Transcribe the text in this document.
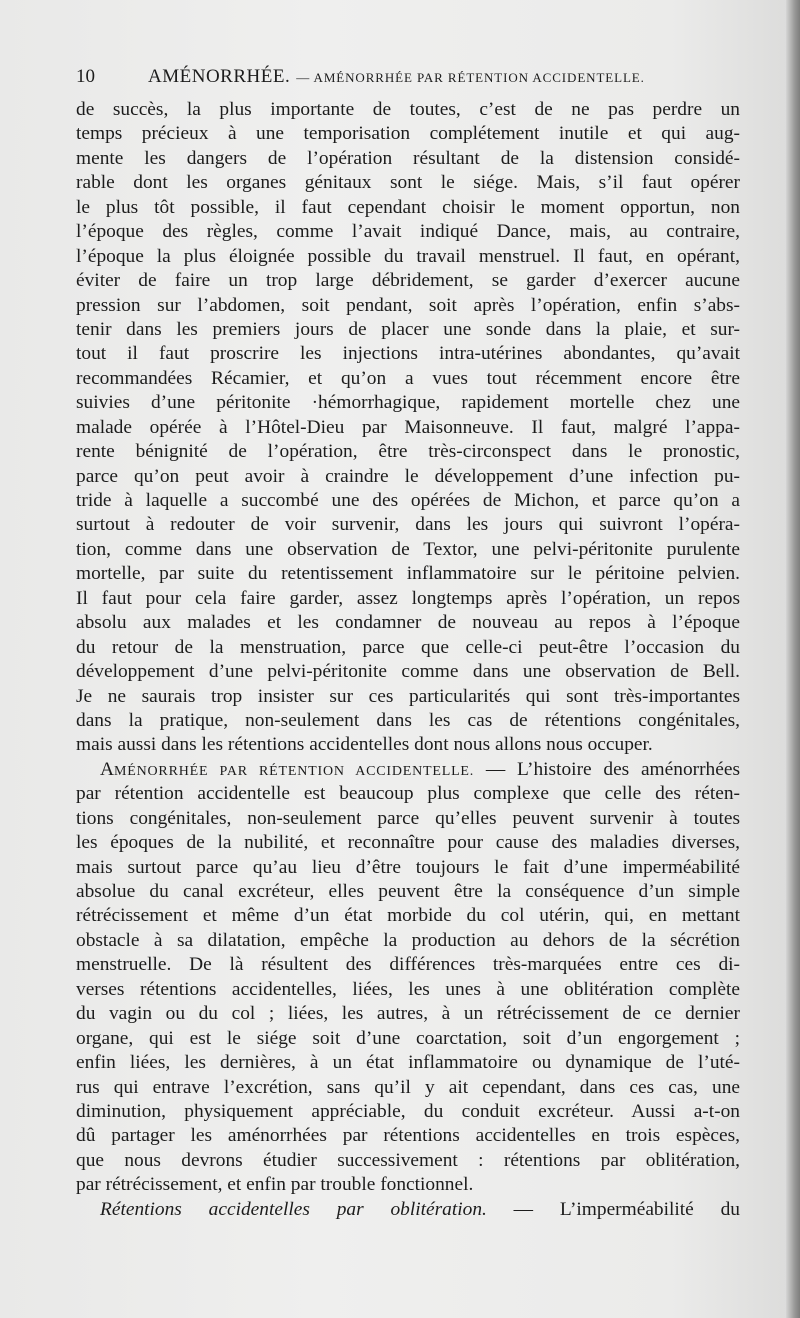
10	AMÉNORRHÉE. — AMÉNORRHÉE PAR RÉTENTION ACCIDENTELLE.
de succès, la plus importante de toutes, c’est de ne pas perdre un
temps précieux à une temporisation complétement inutile et qui aug-
mente les dangers de l’opération résultant de la distension considé-
rable dont les organes génitaux sont le siége. Mais, s’il faut opérer
le plus tôt possible, il faut cependant choisir le moment opportun, non
l’époque des règles, comme l’avait indiqué Dance, mais, au contraire,
l’époque la plus éloignée possible du travail menstruel. Il faut, en opérant,
éviter de faire un trop large débridement, se garder d’exercer aucune
pression sur l’abdomen, soit pendant, soit après l’opération, enfin s’abs-
tenir dans les premiers jours de placer une sonde dans la plaie, et sur-
tout il faut proscrire les injections intra-utérines abondantes, qu’avait
recommandées Récamier, et qu’on a vues tout récemment encore être
suivies d’une péritonite ·hémorrhagique, rapidement mortelle chez une
malade opérée à l’Hôtel-Dieu par Maisonneuve. Il faut, malgré l’appa-
rente bénignité de l’opération, être très-circonspect dans le pronostic,
parce qu’on peut avoir à craindre le développement d’une infection pu-
tride à laquelle a succombé une des opérées de Michon, et parce qu’on a
surtout à redouter de voir survenir, dans les jours qui suivront l’opéra-
tion, comme dans une observation de Textor, une pelvi-péritonite purulente
mortelle, par suite du retentissement inflammatoire sur le péritoine pelvien.
Il faut pour cela faire garder, assez longtemps après l’opération, un repos
absolu aux malades et les condamner de nouveau au repos à l’époque
du retour de la menstruation, parce que celle-ci peut-être l’occasion du
développement d’une pelvi-péritonite comme dans une observation de Bell.
Je ne saurais trop insister sur ces particularités qui sont très-importantes
dans la pratique, non-seulement dans les cas de rétentions congénitales,
mais aussi dans les rétentions accidentelles dont nous allons nous occuper.
AMÉNORRHÉE PAR RÉTENTION ACCIDENTELLE. — L’histoire des aménorrhées
par rétention accidentelle est beaucoup plus complexe que celle des réten-
tions congénitales, non-seulement parce qu’elles peuvent survenir à toutes
les époques de la nubilité, et reconnaître pour cause des maladies diverses,
mais surtout parce qu’au lieu d’être toujours le fait d’une imperméabilité
absolue du canal excréteur, elles peuvent être la conséquence d’un simple
rétrécissement et même d’un état morbide du col utérin, qui, en mettant
obstacle à sa dilatation, empêche la production au dehors de la sécrétion
menstruelle. De là résultent des différences très-marquées entre ces di-
verses rétentions accidentelles, liées, les unes à une oblitération complète
du vagin ou du col ; liées, les autres, à un rétrécissement de ce dernier
organe, qui est le siége soit d’une coarctation, soit d’un engorgement ;
enfin liées, les dernières, à un état inflammatoire ou dynamique de l’uté-
rus qui entrave l’excrétion, sans qu’il y ait cependant, dans ces cas, une
diminution, physiquement appréciable, du conduit excréteur. Aussi a-t-on
dû partager les aménorrhées par rétentions accidentelles en trois espèces,
que nous devrons étudier successivement : rétentions par oblitération,
par rétrécissement, et enfin par trouble fonctionnel.
Rétentions accidentelles par oblitération. — L’imperméabilité du
